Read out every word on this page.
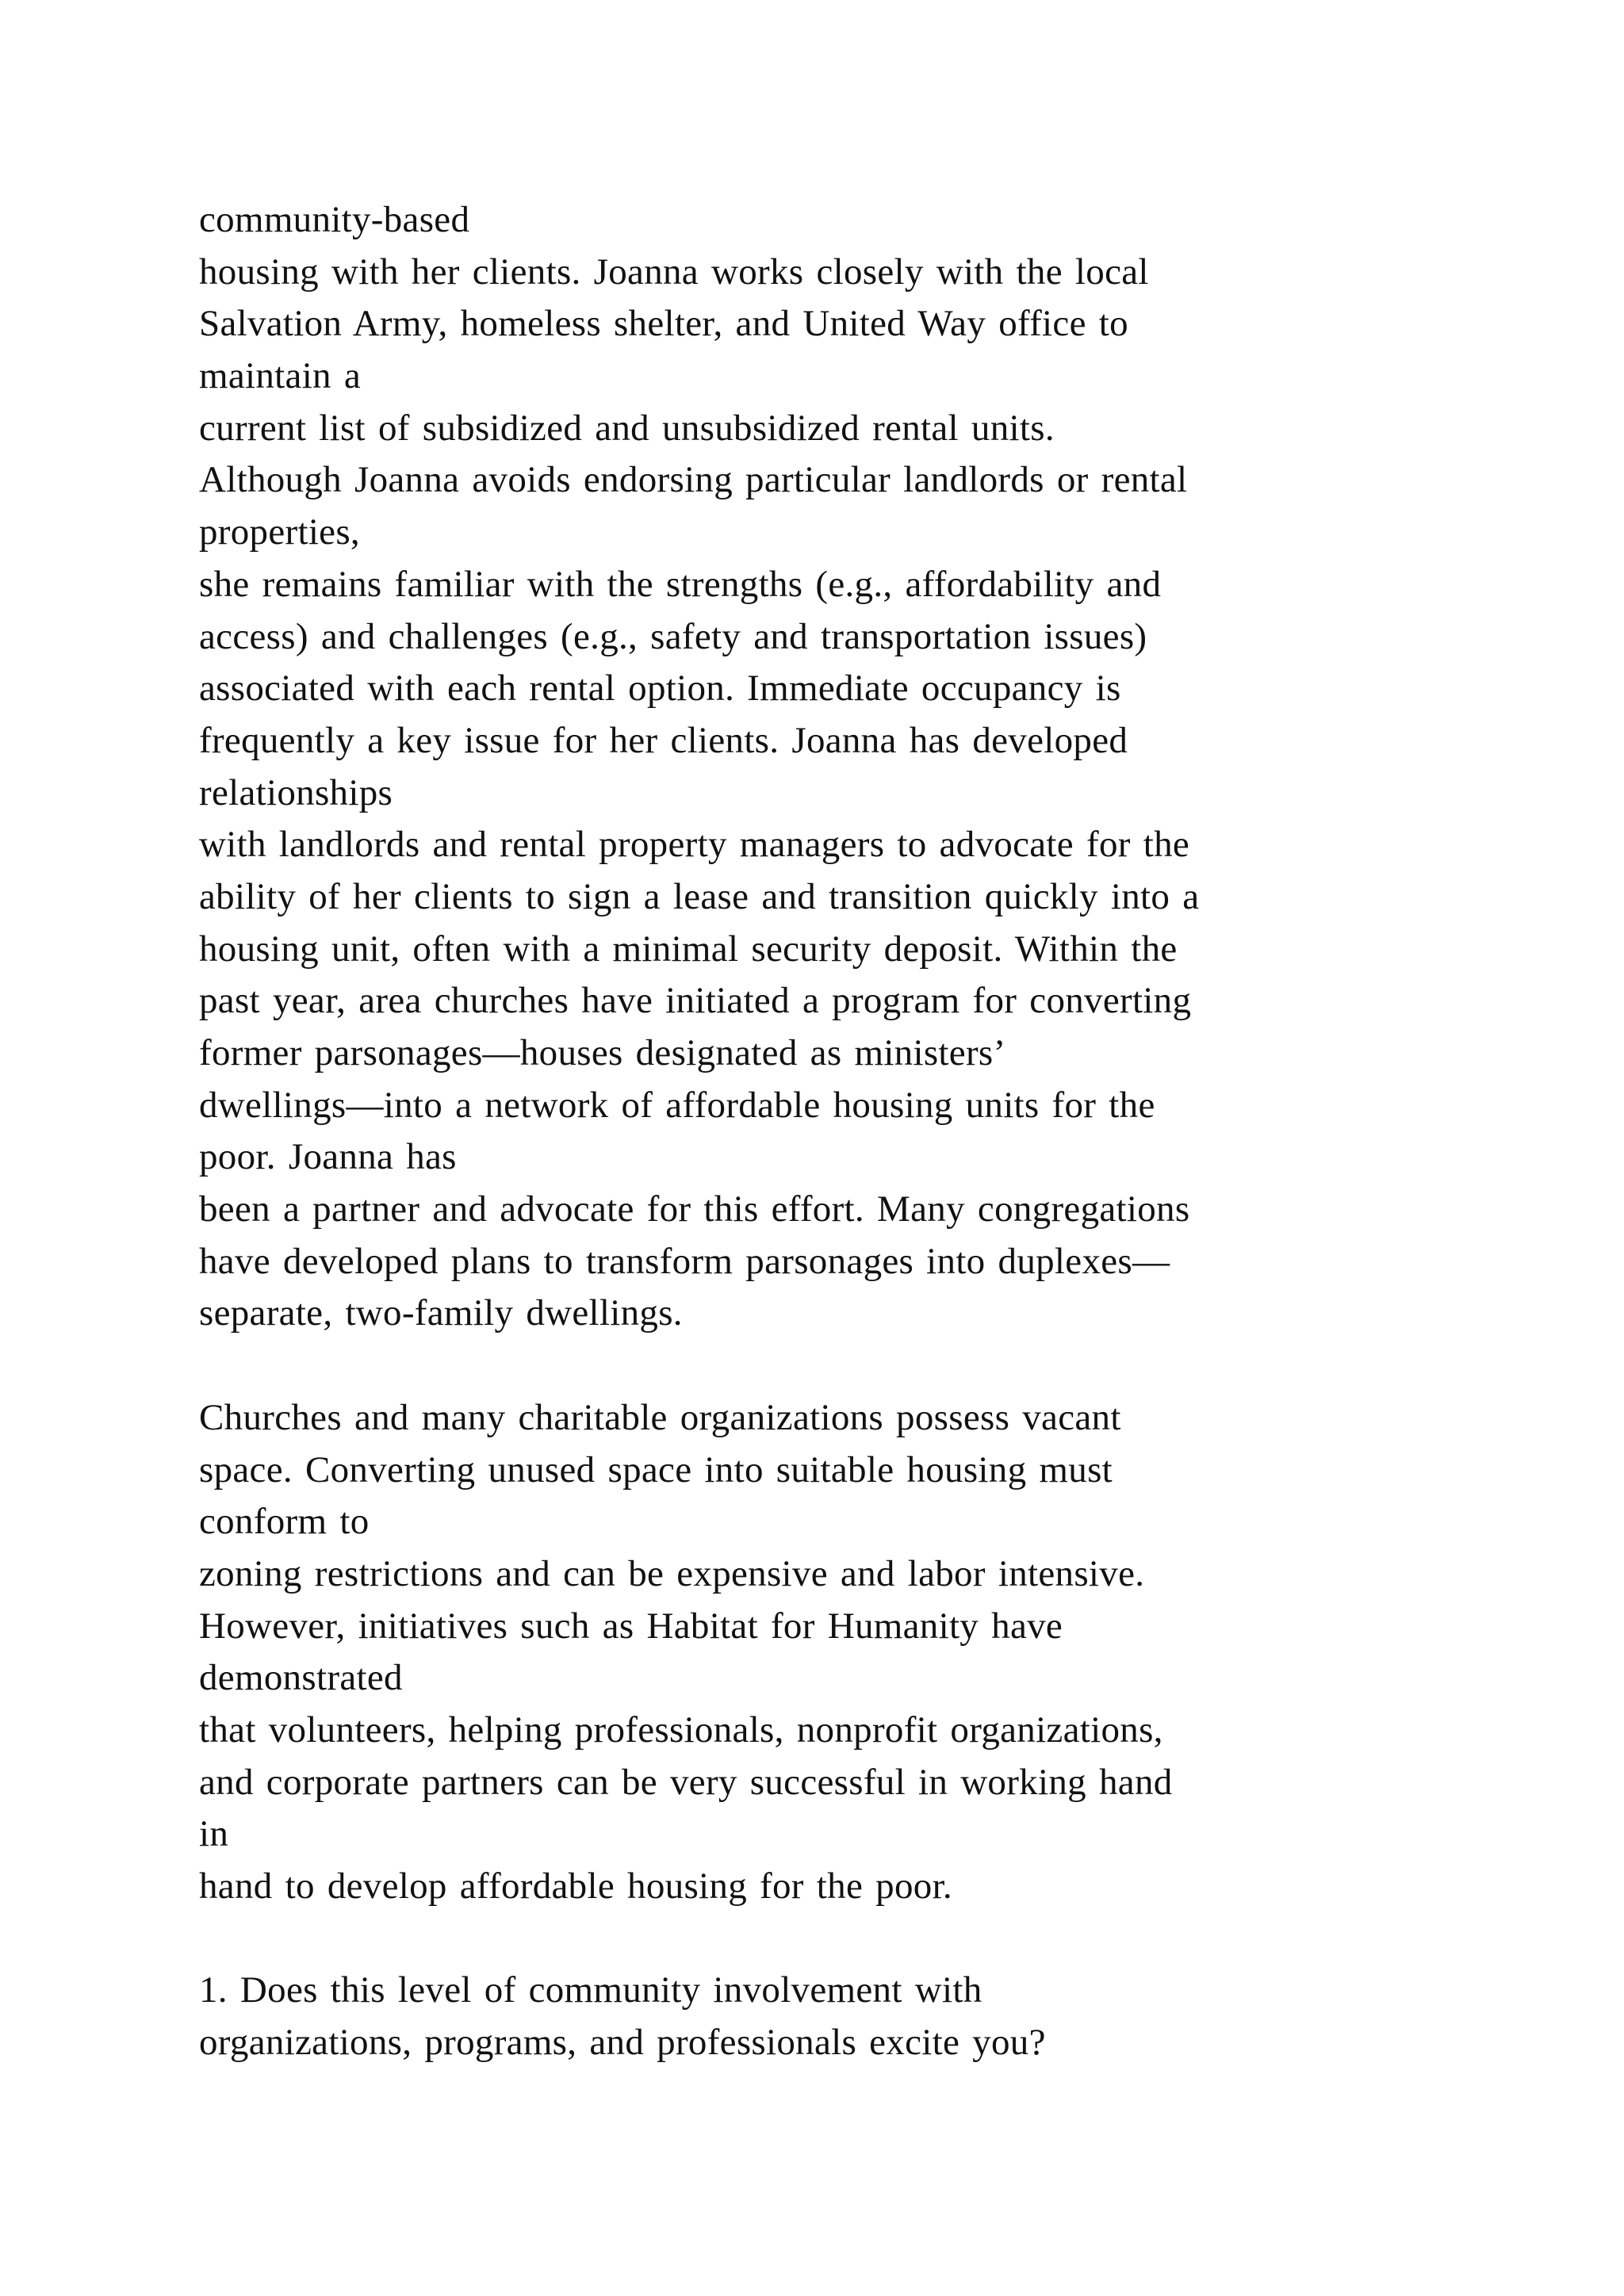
community-based
housing with her clients. Joanna works closely with the local
Salvation Army, homeless shelter, and United Way office to
maintain a
current list of subsidized and unsubsidized rental units.
Although Joanna avoids endorsing particular landlords or rental
properties,
she remains familiar with the strengths (e.g., affordability and
access) and challenges (e.g., safety and transportation issues)
associated with each rental option. Immediate occupancy is
frequently a key issue for her clients. Joanna has developed
relationships
with landlords and rental property managers to advocate for the
ability of her clients to sign a lease and transition quickly into a
housing unit, often with a minimal security deposit. Within the
past year, area churches have initiated a program for converting
former parsonages—houses designated as ministers’
dwellings—into a network of affordable housing units for the
poor. Joanna has
been a partner and advocate for this effort. Many congregations
have developed plans to transform parsonages into duplexes—
separate, two-family dwellings.
Churches and many charitable organizations possess vacant
space. Converting unused space into suitable housing must
conform to
zoning restrictions and can be expensive and labor intensive.
However, initiatives such as Habitat for Humanity have
demonstrated
that volunteers, helping professionals, nonprofit organizations,
and corporate partners can be very successful in working hand
in
hand to develop affordable housing for the poor.
1. Does this level of community involvement with
organizations, programs, and professionals excite you?
